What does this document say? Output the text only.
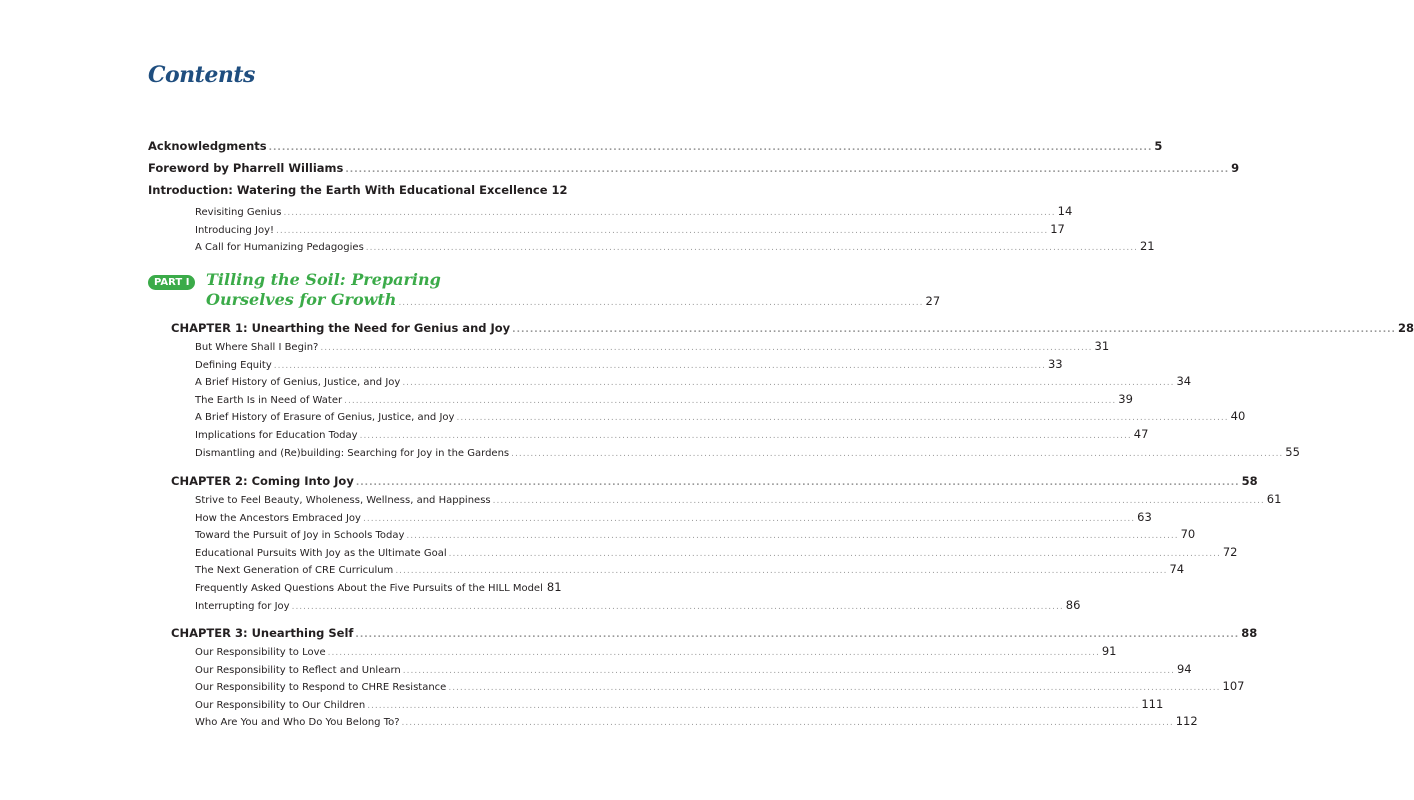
Contents
Acknowledgments .....	5
Foreword by Pharrell Williams .....	9
Introduction: Watering the Earth With Educational Excellence 12
Revisiting Genius .....	14
Introducing Joy! .....	17
A Call for Humanizing Pedagogies .....	21
PART I	Tilling the Soil: Preparing
Ourselves for Growth ........................................................................................................................................ 27
CHAPTER 1: Unearthing the Need for Genius and Joy .....	28
But Where Shall I Begin? .....	31
Defining Equity .....	33
A Brief History of Genius, Justice, and Joy .....	34
The Earth Is in Need of Water .....	39
A Brief History of Erasure of Genius, Justice, and Joy .....	40
Implications for Education Today .....	47
Dismantling and (Re)building: Searching for Joy in the Gardens .....	55
CHAPTER 2: Coming Into Joy .....	58
Strive to Feel Beauty, Wholeness, Wellness, and Happiness .....	61
How the Ancestors Embraced Joy .....	63
Toward the Pursuit of Joy in Schools Today .....	70
Educational Pursuits With Joy as the Ultimate Goal .....	72
The Next Generation of CRE Curriculum .....	74
Frequently Asked Questions About the Five Pursuits of the HILL Model 81
Interrupting for Joy .....	86
CHAPTER 3: Unearthing Self .....	88
Our Responsibility to Love .....	91
Our Responsibility to Reflect and Unlearn .....	94
Our Responsibility to Respond to CHRE Resistance .....	107
Our Responsibility to Our Children .....	111
Who Are You and Who Do You Belong To? .....	112
